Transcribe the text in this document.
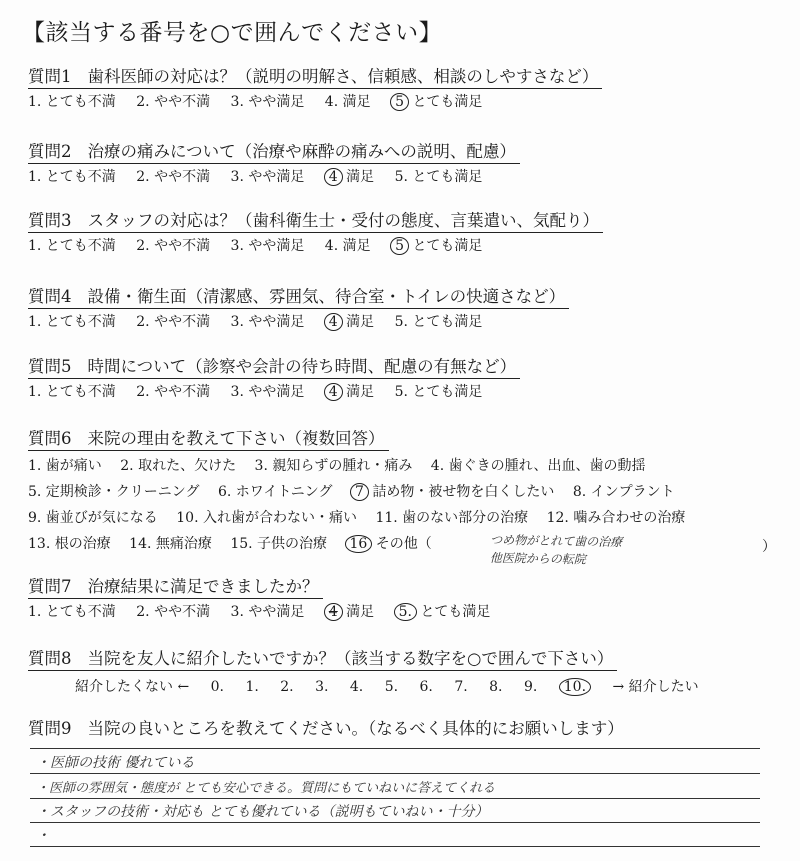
【該当する番号を○で囲んでください】
質問1 歯科医師の対応は？（説明の明解さ、信頼感、相談のしやすさなど）
1. とても不満 2. やや不満 3. やや満足 4. 満足 5 とても満足
質問2 治療の痛みについて（治療や麻酔の痛みへの説明、配慮）
1. とても不満 2. やや不満 3. やや満足 4 満足 5. とても満足
質問3 スタッフの対応は？（歯科衛生士・受付の態度、言葉遣い、気配り）
1. とても不満 2. やや不満 3. やや満足 4. 満足 5 とても満足
質問4 設備・衛生面（清潔感、雰囲気、待合室・トイレの快適さなど）
1. とても不満 2. やや不満 3. やや満足 4 満足 5. とても満足
質問5 時間について（診察や会計の待ち時間、配慮の有無など）
1. とても不満 2. やや不満 3. やや満足 4 満足 5. とても満足
質問6 来院の理由を教えて下さい（複数回答）
1. 歯が痛い 2. 取れた、欠けた 3. 親知らずの腫れ・痛み 4. 歯ぐきの腫れ、出血、歯の動揺
5. 定期検診・クリーニング 6. ホワイトニング 7 詰め物・被せ物を白くしたい 8. インプラント
9. 歯並びが気になる 10. 入れ歯が合わない・痛い 11. 歯のない部分の治療 12. 噛み合わせの治療
13. 根の治療 14. 無痛治療 15. 子供の治療 16 その他（	つめ物がとれて歯の治療
他医院からの転院
）
質問7 治療結果に満足できましたか？
1. とても不満 2. やや不満 3. やや満足 4 満足 5. とても満足
質問8 当院を友人に紹介したいですか？（該当する数字を○で囲んで下さい）
紹介したくない ← 0. 1. 2. 3. 4. 5. 6. 7. 8. 9. 10. → 紹介したい
質問9 当院の良いところを教えてください。（なるべく具体的にお願いします）
・医師の技術 優れている
・医師の雰囲気・態度が とても安心できる。質問にもていねいに答えてくれる
・スタッフの技術・対応も とても優れている（説明もていねい・十分）
・
